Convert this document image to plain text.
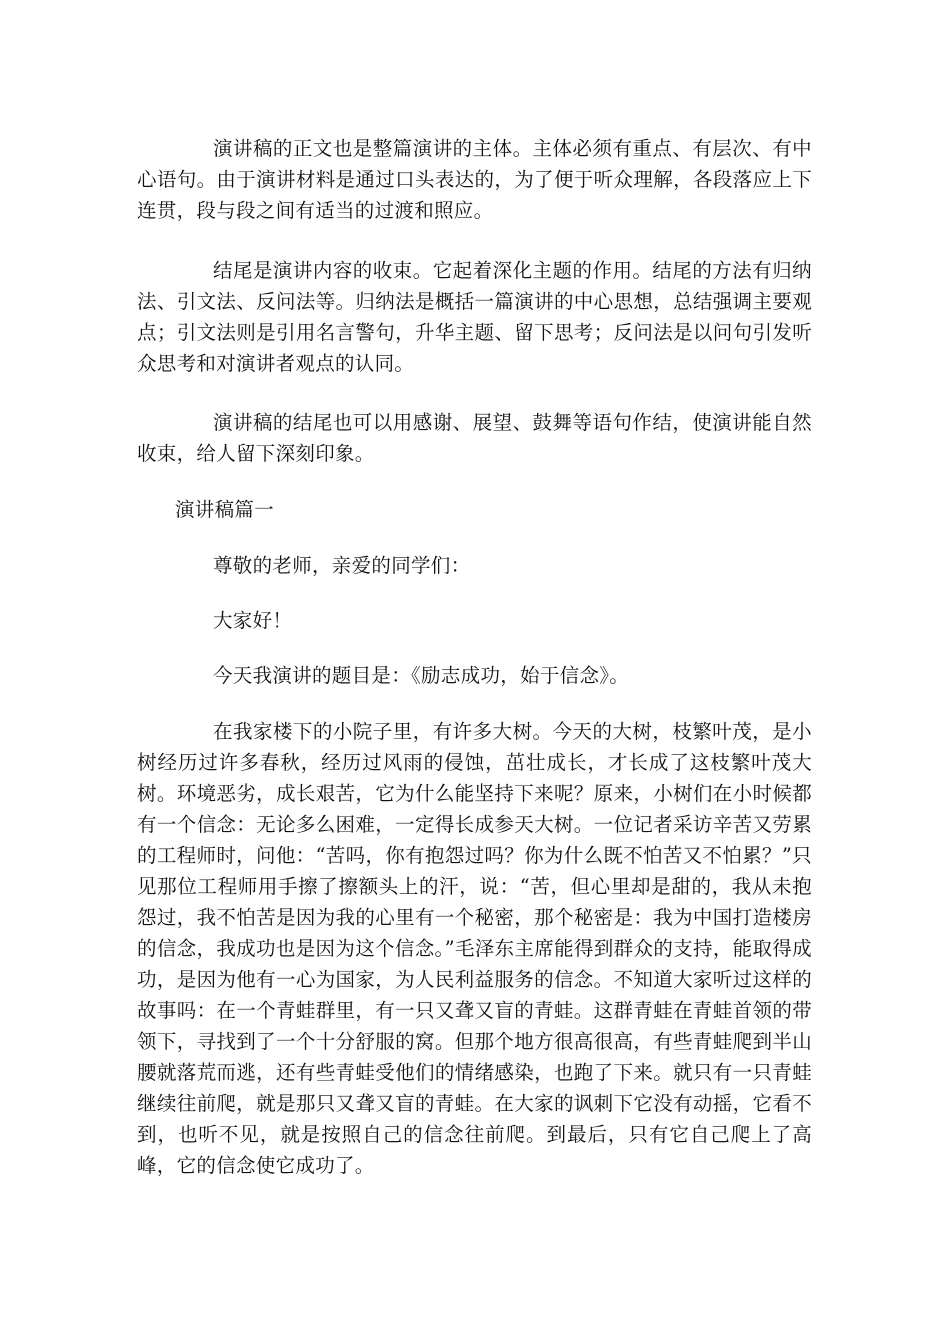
演讲稿的正文也是整篇演讲的主体。主体必须有重点、有层次、有中心语句。由于演讲材料是通过口头表达的，为了便于听众理解，各段落应上下连贯，段与段之间有适当的过渡和照应。

结尾是演讲内容的收束。它起着深化主题的作用。结尾的方法有归纳法、引文法、反问法等。归纳法是概括一篇演讲的中心思想，总结强调主要观点；引文法则是引用名言警句，升华主题、留下思考；反问法是以问句引发听众思考和对演讲者观点的认同。

演讲稿的结尾也可以用感谢、展望、鼓舞等语句作结，使演讲能自然收束，给人留下深刻印象。

演讲稿篇一

尊敬的老师，亲爱的同学们：

大家好！

今天我演讲的题目是：《励志成功，始于信念》。

在我家楼下的小院子里，有许多大树。今天的大树，枝繁叶茂，是小树经历过许多春秋，经历过风雨的侵蚀，茁壮成长，才长成了这枝繁叶茂大树。环境恶劣，成长艰苦，它为什么能坚持下来呢？原来，小树们在小时候都有一个信念：无论多么困难，一定得长成参天大树。一位记者采访辛苦又劳累的工程师时，问他：“苦吗，你有抱怨过吗？你为什么既不怕苦又不怕累？”只见那位工程师用手擦了擦额头上的汗，说：“苦，但心里却是甜的，我从未抱怨过，我不怕苦是因为我的心里有一个秘密，那个秘密是：我为中国打造楼房的信念，我成功也是因为这个信念。”毛泽东主席能得到群众的支持，能取得成功，是因为他有一心为国家，为人民利益服务的信念。不知道大家听过这样的故事吗：在一个青蛙群里，有一只又聋又盲的青蛙。这群青蛙在青蛙首领的带领下，寻找到了一个十分舒服的窝。但那个地方很高很高，有些青蛙爬到半山腰就落荒而逃，还有些青蛙受他们的情绪感染，也跑了下来。就只有一只青蛙继续往前爬，就是那只又聋又盲的青蛙。在大家的讽刺下它没有动摇，它看不到，也听不见，就是按照自己的信念往前爬。到最后，只有它自己爬上了高峰，它的信念使它成功了。
